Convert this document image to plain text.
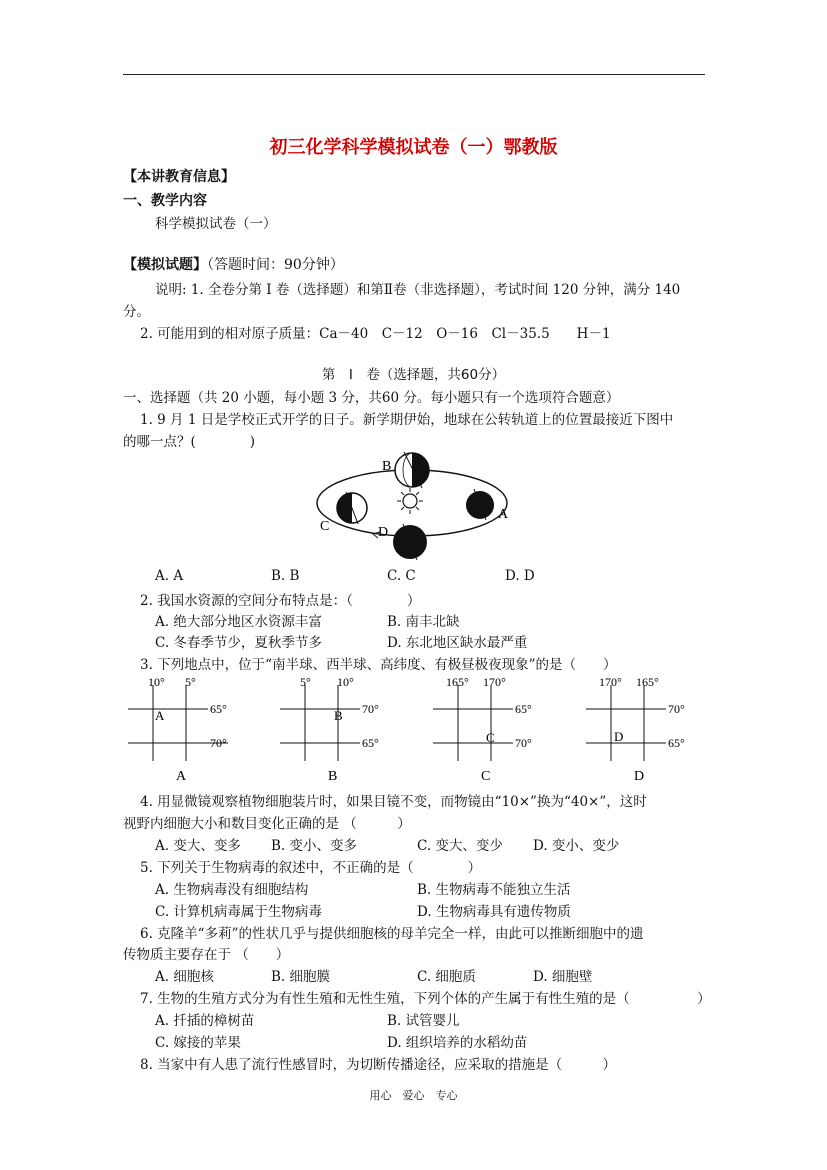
初三化学科学模拟试卷（一）鄂教版
【本讲教育信息】
一、教学内容
科学模拟试卷（一）
【模拟试题】（答题时间：90分钟）
说明: 1. 全卷分第 I 卷（选择题）和第Ⅱ卷（非选择题），考试时间 120 分钟，满分 140
分。
2. 可能用到的相对原子质量：Ca－40　C－12　O－16　Cl－35.5　　H－1
第　I　卷（选择题，共60分）
一、选择题（共 20 小题，每小题 3 分，共60 分。每小题只有一个选项符合题意）
1. 9 月 1 日是学校正式开学的日子。新学期伊始，地球在公转轨道上的位置最接近下图中
的哪一点？(　　　　)
B
C	D
A
A. A	B. B	C. C	D. D
2. 我国水资源的空间分布特点是：（　　　　）
A. 绝大部分地区水资源丰富	B. 南丰北缺
C. 冬春季节少，夏秋季节多	D. 东北地区缺水最严重
3. 下列地点中，位于“南半球、西半球、高纬度、有极昼极夜现象”的是（　　）
10° 5°
65°
70°
A
A
5° 10°
70°
65°
B
B
165° 170°
65°
70°
C
C
170° 165°
70°
65°
D
D
4. 用显微镜观察植物细胞装片时，如果目镜不变，而物镜由“10×”换为“40×”，这时
视野内细胞大小和数目变化正确的是 （　　　）
A. 变大、变多 B. 变小、变多	C. 变大、变少 D. 变小、变少
5. 下列关于生物病毒的叙述中，不正确的是（　　　　）
A. 生物病毒没有细胞结构	B. 生物病毒不能独立生活
C. 计算机病毒属于生物病毒	D. 生物病毒具有遗传物质
6. 克隆羊“多莉”的性状几乎与提供细胞核的母羊完全一样，由此可以推断细胞中的遗
传物质主要存在于 （　　）
A. 细胞核	B. 细胞膜	C. 细胞质	D. 细胞壁
7. 生物的生殖方式分为有性生殖和无性生殖，下列个体的产生属于有性生殖的是（　　　　　）
A. 扦插的樟树苗	B. 试管婴儿
C. 嫁接的苹果	D. 组织培养的水稻幼苗
8. 当家中有人患了流行性感冒时，为切断传播途径，应采取的措施是（　　　）
用心　爱心　专心
